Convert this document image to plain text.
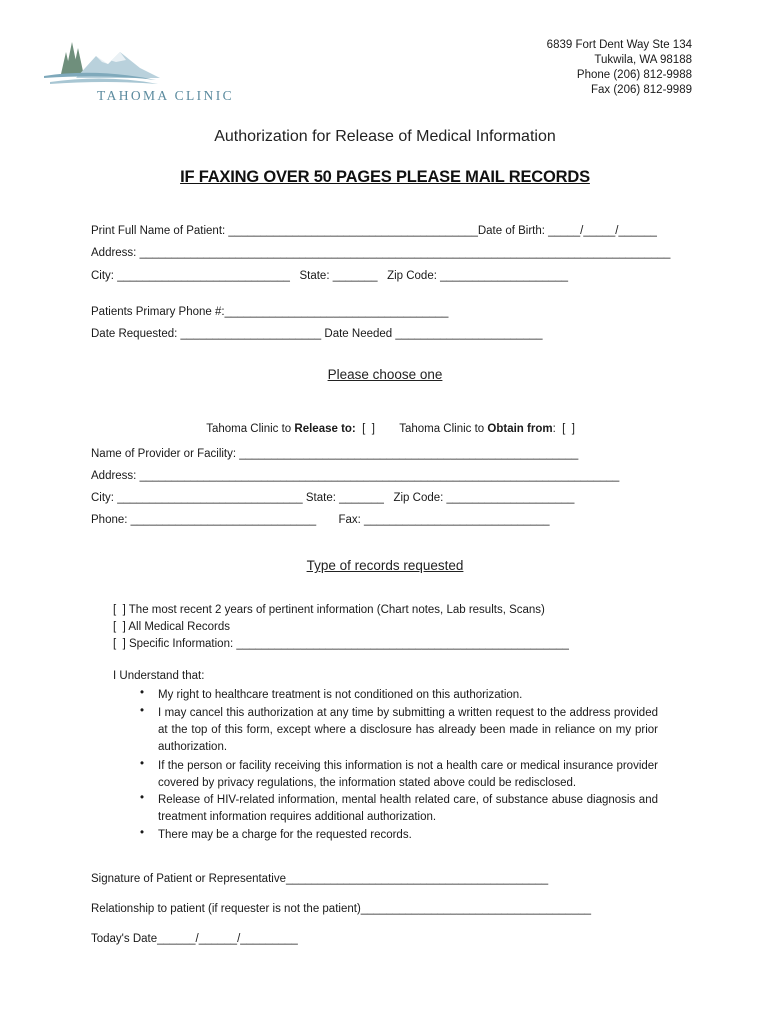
TAHOMA CLINIC
6839 Fort Dent Way Ste 134
Tukwila, WA 98188
Phone (206) 812-9988
Fax (206) 812-9989
Authorization for Release of Medical Information
IF FAXING OVER 50 PAGES PLEASE MAIL RECORDS
Print Full Name of Patient: _______________________________________Date of Birth: _____/_____/______
Address: ___________________________________________________________________________________
City: ___________________________   State: _______   Zip Code: ____________________
Patients Primary Phone #:___________________________________
Date Requested: ______________________ Date Needed _______________________
Please choose one

Tahoma Clinic to Release to:  [  ]	Tahoma Clinic to Obtain from:  [  ]

Name of Provider or Facility: _____________________________________________________
Address: ___________________________________________________________________________
City: _____________________________ State: _______   Zip Code: ____________________
Phone: _____________________________       Fax: _____________________________
Type of records requested
[  ] The most recent 2 years of pertinent information (Chart notes, Lab results, Scans)
[  ] All Medical Records
[  ] Specific Information: ____________________________________________________
I Understand that:
• My right to healthcare treatment is not conditioned on this authorization.
• I may cancel this authorization at any time by submitting a written request to the address provided at the top of this form, except where a disclosure has already been made in reliance on my prior authorization.
• If the person or facility receiving this information is not a health care or medical insurance provider covered by privacy regulations, the information stated above could be redisclosed.
• Release of HIV-related information, mental health related care, of substance abuse diagnosis and treatment information requires additional authorization.
• There may be a charge for the requested records.
Signature of Patient or Representative_________________________________________
Relationship to patient (if requester is not the patient)____________________________________
Today's Date______/______/_________
